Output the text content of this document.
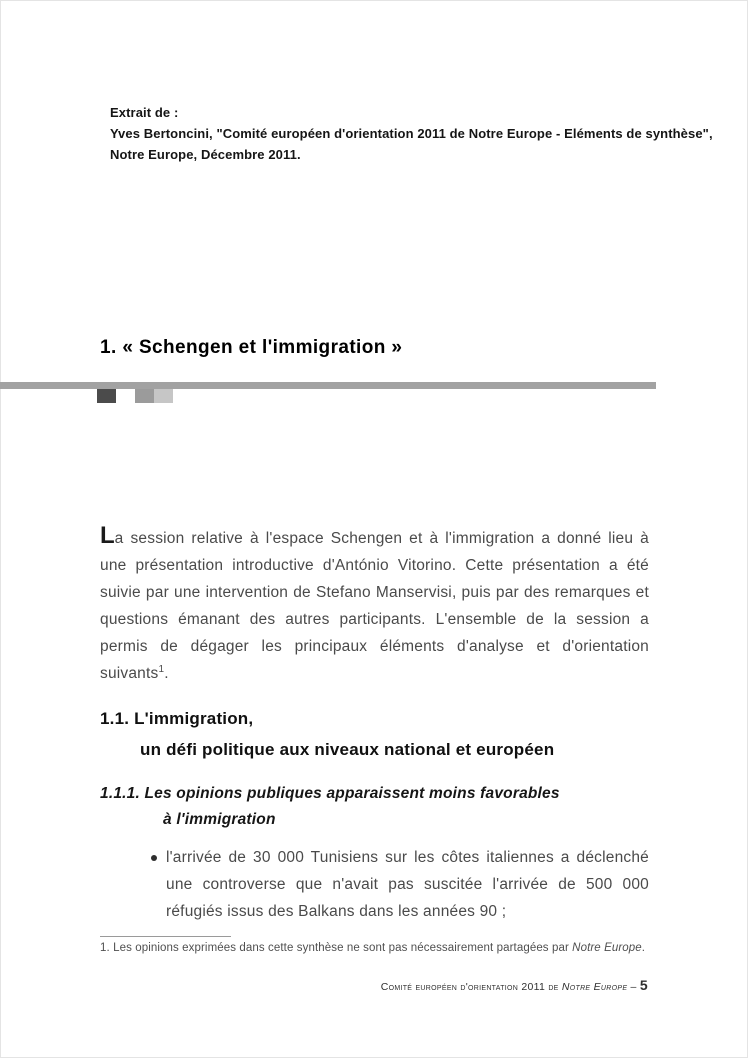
Extrait de :
Yves Bertoncini, "Comité européen d'orientation 2011 de Notre Europe - Eléments de synthèse",
Notre Europe, Décembre 2011.
1. « Schengen et l'immigration »

La session relative à l'espace Schengen et à l'immigration a donné lieu à une présentation introductive d'António Vitorino. Cette présentation a été suivie par une intervention de Stefano Manservisi, puis par des remarques et questions émanant des autres participants. L'ensemble de la session a permis de dégager les principaux éléments d'analyse et d'orientation suivants$^1$.

1.1. L'immigration,
un défi politique aux niveaux national et européen
1.1.1. Les opinions publiques apparaissent moins favorables
à l'immigration

l'arrivée de 30 000 Tunisiens sur les côtes italiennes a déclenché une controverse que n'avait pas suscitée l'arrivée de 500 000 réfugiés issus des Balkans dans les années 90 ;

1. Les opinions exprimées dans cette synthèse ne sont pas nécessairement partagées par Notre Europe.

Comité européen d'orientation 2011 de Notre Europe – 5
